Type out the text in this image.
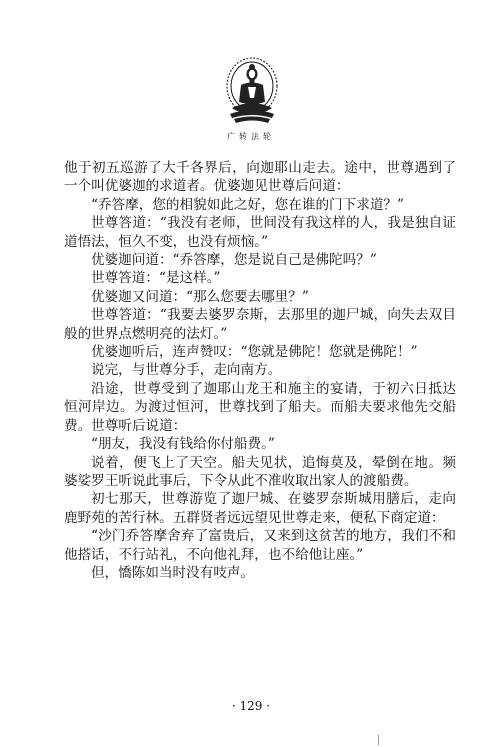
广转法轮

他于初五巡游了大千各界后，向迦耶山走去。途中，世尊遇到了一个叫优婆迦的求道者。优婆迦见世尊后问道：

“乔答摩，您的相貌如此之好，您在谁的门下求道？”

世尊答道：“我没有老师，世间没有我这样的人，我是独自证道悟法，恒久不变，也没有烦恼。”

优婆迦问道：“乔答摩，您是说自己是佛陀吗？”

世尊答道：“是这样。”

优婆迦又问道：“那么您要去哪里？”

世尊答道：“我要去婆罗奈斯，去那里的迦尸城，向失去双目般的世界点燃明亮的法灯。”

优婆迦听后，连声赞叹：“您就是佛陀！您就是佛陀！”

说完，与世尊分手，走向南方。

沿途，世尊受到了迦耶山龙王和施主的宴请，于初六日抵达恒河岸边。为渡过恒河，世尊找到了船夫。而船夫要求他先交船费。世尊听后说道：

“朋友，我没有钱给你付船费。”

说着，便飞上了天空。船夫见状，追悔莫及，晕倒在地。频婆娑罗王听说此事后，下令从此不准收取出家人的渡船费。

初七那天，世尊游览了迦尸城、在婆罗奈斯城用膳后，走向鹿野苑的苦行林。五群贤者远远望见世尊走来，便私下商定道：

“沙门乔答摩舍弃了富贵后，又来到这贫苦的地方，我们不和他搭话，不行站礼，不向他礼拜，也不给他让座。”

但，憍陈如当时没有吱声。

· 129 ·
